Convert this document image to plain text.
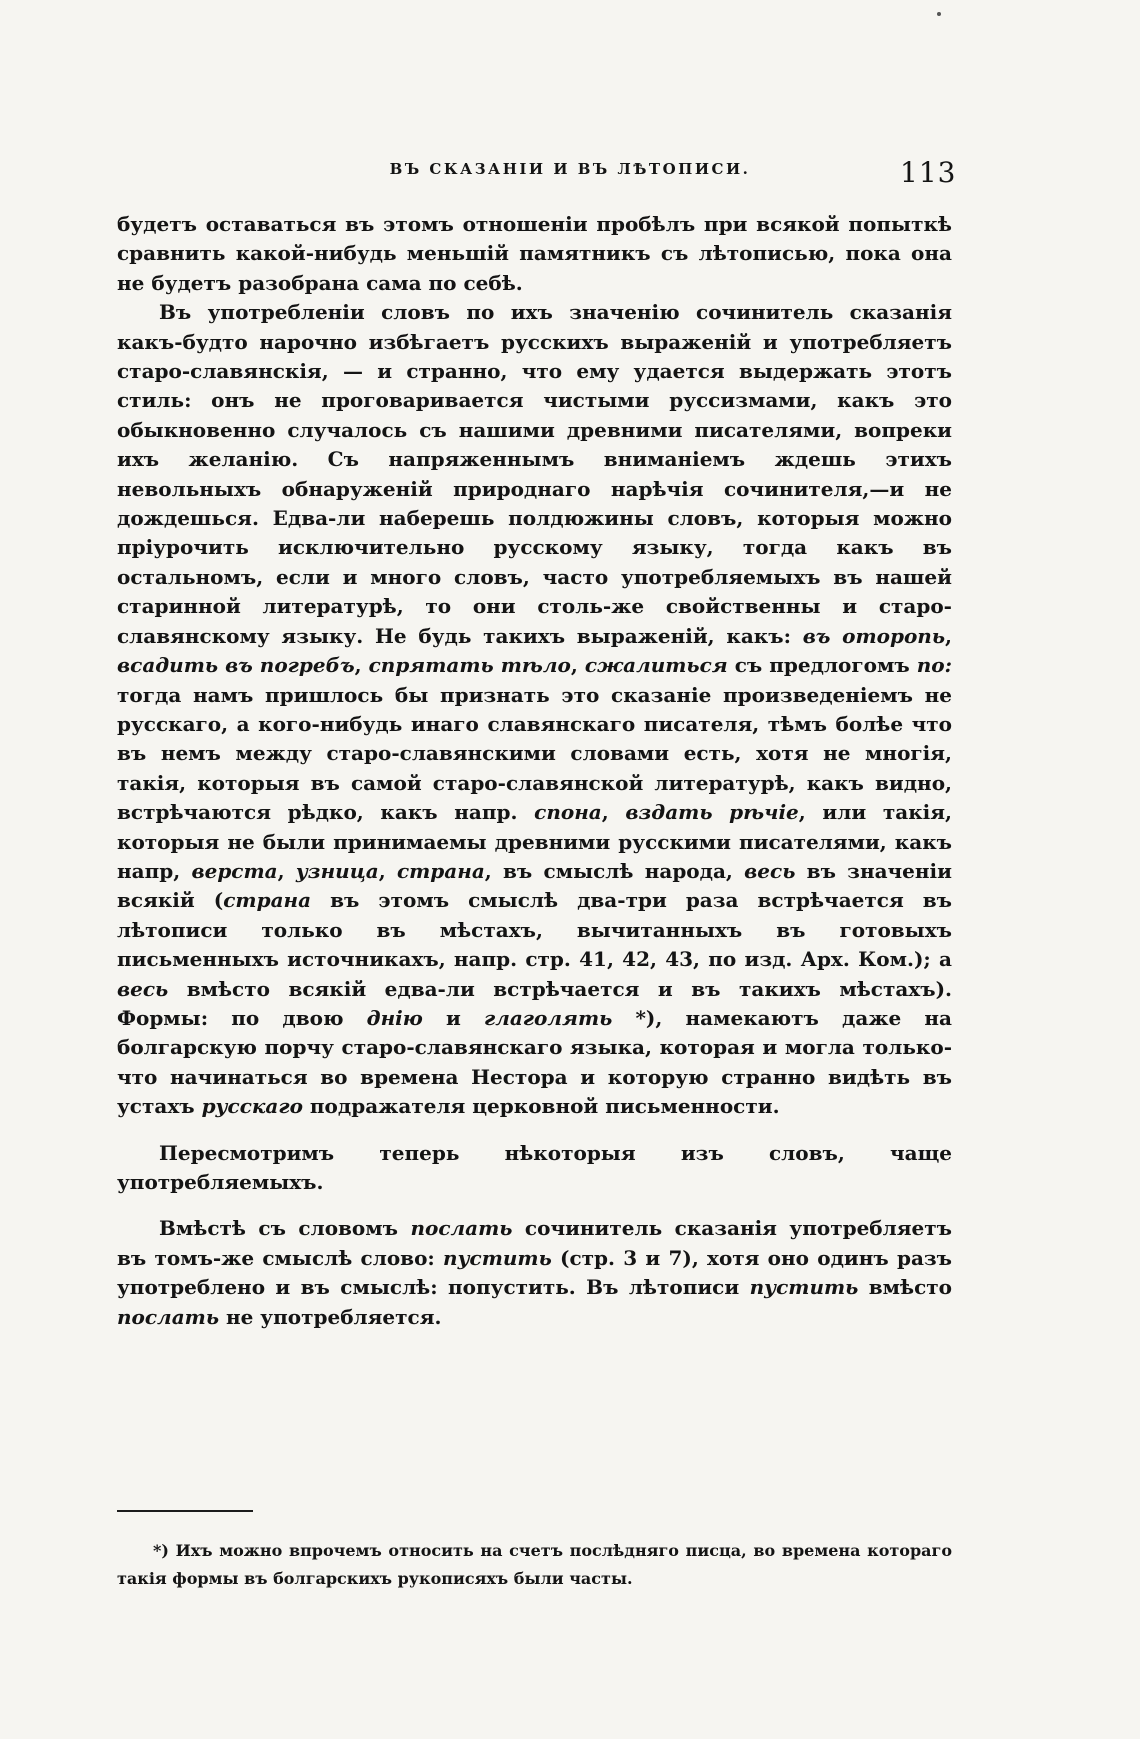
ВЪ СКАЗАНІИ И ВЪ ЛѢТОПИСИ.	113

будетъ оставаться въ этомъ отношеніи пробѣлъ при всякой попыткѣ сравнить какой-нибудь меньшій памятникъ съ лѣтописью, пока она не будетъ разобрана сама по себѣ.

Въ употребленіи словъ по ихъ значенію сочинитель сказанія какъ-будто нарочно избѣгаетъ русскихъ выраженій и употребляетъ старо-славянскія, — и странно, что ему удается выдержать этотъ стиль: онъ не проговаривается чистыми руссизмами, какъ это обыкновенно случалось съ нашими древними писателями, вопреки ихъ желанію. Съ напряженнымъ вниманіемъ ждешь этихъ невольныхъ обнаруженій природнаго нарѣчія сочинителя,—и не дождешься. Едва-ли наберешь полдюжины словъ, которыя можно пріурочить исключительно русскому языку, тогда какъ въ остальномъ, если и много словъ, часто употребляемыхъ въ нашей старинной литературѣ, то они столь-же свойственны и старо-славянскому языку. Не будь такихъ выраженій, какъ: въ оторопь, всадить въ погребъ, спрятать тѣло, сжалиться съ предлогомъ по: тогда намъ пришлось бы признать это сказаніе произведеніемъ не русскаго, а кого-нибудь инаго славянскаго писателя, тѣмъ болѣе что въ немъ между старо-славянскими словами есть, хотя не многія, такія, которыя въ самой старо-славянской литературѣ, какъ видно, встрѣчаются рѣдко, какъ напр. спона, вздать рѣчіе, или такія, которыя не были принимаемы древними русскими писателями, какъ напр, верста, узница, страна, въ смыслѣ народа, весь въ значеніи всякій (страна въ этомъ смыслѣ два-три раза встрѣчается въ лѣтописи только въ мѣстахъ, вычитанныхъ въ готовыхъ письменныхъ источникахъ, напр. стр. 41, 42, 43, по изд. Арх. Ком.); а весь вмѣсто всякій едва-ли встрѣчается и въ такихъ мѣстахъ). Формы: по двою днію и глаголять *), намекаютъ даже на болгарскую порчу старо-славянскаго языка, которая и могла только-что начинаться во времена Нестора и которую странно видѣть въ устахъ русскаго подражателя церковной письменности.

Пересмотримъ теперь нѣкоторыя изъ словъ, чаще употребляемыхъ.

Вмѣстѣ съ словомъ послать сочинитель сказанія употребляетъ въ томъ-же смыслѣ слово: пустить (стр. 3 и 7), хотя оно одинъ разъ употреблено и въ смыслѣ: попустить. Въ лѣтописи пустить вмѣсто послать не употребляется.

*) Ихъ можно впрочемъ относить на счетъ послѣдняго писца, во времена котораго такія формы въ болгарскихъ рукописяхъ были часты.
